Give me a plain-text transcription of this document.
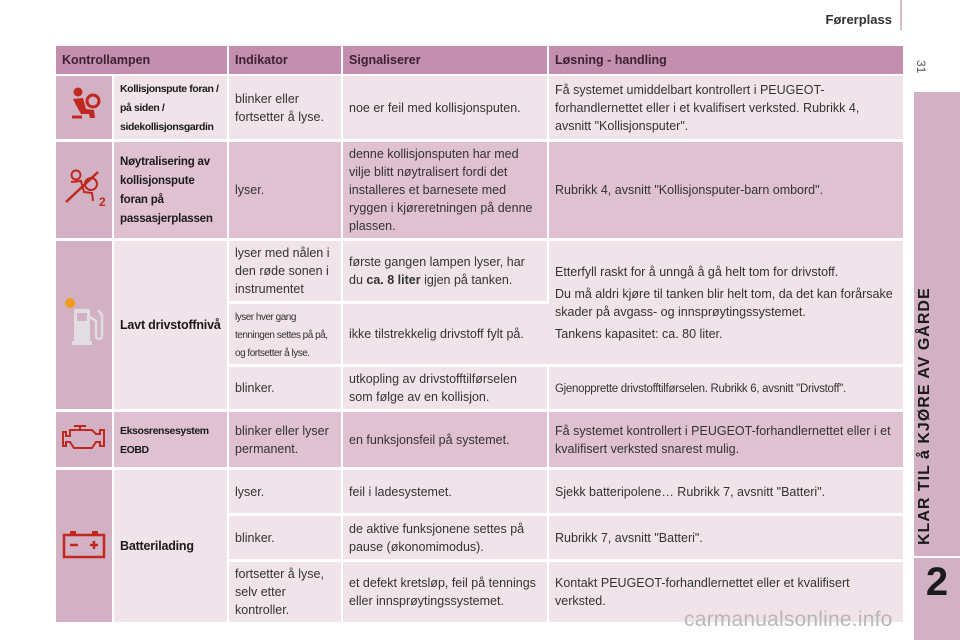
Førerplass
31
KLAR TIL å KJØRE AV GÅRDE
2
Kontrollampen		Indikator	Signaliserer	Løsning - handling
	Kollisjonspute foran / på siden / sidekollisjonsgardin	blinker eller fortsetter å lyse.	noe er feil med kollisjonsputen.	Få systemet umiddelbart kontrollert i PEUGEOT-forhandlernettet eller i et kvalifisert verksted. Rubrikk 4, avsnitt "Kollisjonsputer".

2	Nøytralisering av kollisjonspute foran på passasjerplassen	lyser.	denne kollisjonsputen har med vilje blitt nøytralisert fordi det installeres et barnesete med ryggen i kjøreretningen på denne plassen.	Rubrikk 4, avsnitt "Kollisjonsputer-barn ombord".
	Lavt drivstoffnivå	lyser med nålen i den røde sonen i instrumentet	første gangen lampen lyser, har du ca. 8 liter igjen på tanken.	Etterfyll raskt for å unngå å gå helt tom for drivstoff.
Du må aldri kjøre til tanken blir helt tom, da det kan forårsake skader på avgass- og innsprøytingssystemet.
Tankens kapasitet: ca. 80 liter.

		lyser hver gang tenningen settes på på, og fortsetter å lyse.	ikke tilstrekkelig drivstoff fylt på.	
		blinker.	utkopling av drivstofftilførselen som følge av en kollisjon.	Gjenopprette drivstofftilførselen. Rubrikk 6, avsnitt "Drivstoff".
	Eksosrensesystem EOBD	blinker eller lyser permanent.	en funksjonsfeil på systemet.	Få systemet kontrollert i PEUGEOT-forhandlernettet eller i et kvalifisert verksted snarest mulig.
	Batterilading	lyser.	feil i ladesystemet.	Sjekk batteripolene… Rubrikk 7, avsnitt "Batteri".
		blinker.	de aktive funksjonene settes på pause (økonomimodus).	Rubrikk 7, avsnitt "Batteri".
		fortsetter å lyse, selv etter kontroller.	et defekt kretsløp, feil på tennings eller innsprøytingssystemet.	Kontakt PEUGEOT-forhandlernettet eller et kvalifisert verksted.
carmanualsonline.info
